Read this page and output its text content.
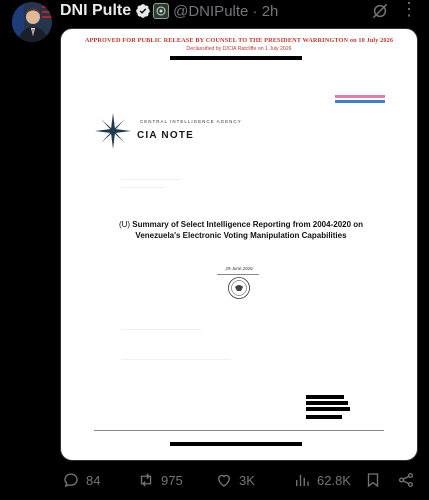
DNI Pulte	@DNIPulte · 2h	⋮
APPROVED FOR PUBLIC RELEASE BY COUNSEL TO THE PRESIDENT WARRINGTON on 10 July 2026
Declassified by D/CIA Ratcliffe on 1 July 2026
CENTRAL INTELLIGENCE AGENCY
CIA NOTE
(U) Summary of Select Intelligence Reporting from 2004-2020 on Venezuela's Electronic Voting Manipulation Capabilities
29 June 2026
84	975	3K	62.8K
